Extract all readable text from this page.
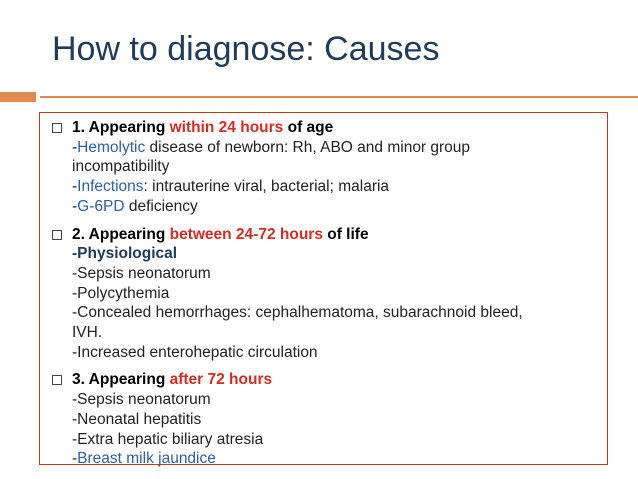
How to diagnose: Causes
1. Appearing within 24 hours of age
-Hemolytic disease of newborn: Rh, ABO and minor group
incompatibility
-Infections: intrauterine viral, bacterial; malaria
-G-6PD deficiency
2. Appearing between 24-72 hours of life
-Physiological
-Sepsis neonatorum
-Polycythemia
-Concealed hemorrhages: cephalhematoma, subarachnoid bleed,
IVH.
-Increased enterohepatic circulation
3. Appearing after 72 hours
-Sepsis neonatorum
-Neonatal hepatitis
-Extra hepatic biliary atresia
-Breast milk jaundice
